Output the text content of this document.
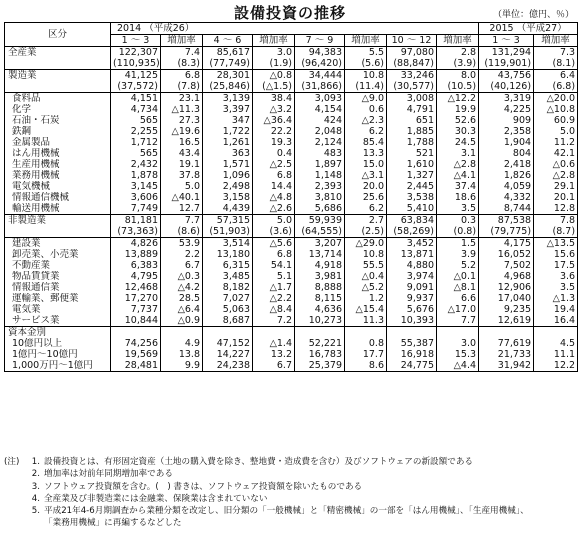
設備投資の推移	（単位：億円、％）
区分	2014 （平成26）								2015 （平成27）	
	1 〜 3	増加率	4 〜 6	増加率	7 〜 9	増加率	10 〜 12	増加率	1 〜 3	増加率
全産業	122,307	7.4	85,617	3.0	94,383	5.5	97,080	2.8	131,294	7.3
	(110,935)	(8.3)	(77,749)	(1.9)	(96,420)	(5.6)	(88,847)	(3.9)	(119,901)	(8.1)
製造業	41,125	6.8	28,301	△0.8	34,444	10.8	33,246	8.0	43,756	6.4
	(37,572)	(7.8)	(25,846)	(△1.5)	(31,866)	(11.4)	(30,577)	(10.5)	(40,126)	(6.8)
食料品	4,151	23.1	3,139	38.4	3,093	△9.0	3,008	△12.2	3,319	△20.0
化学	4,734	△11.3	3,397	△3.2	4,154	0.6	4,791	19.9	4,225	△10.8
石油・石炭	565	27.3	347	△36.4	424	△2.3	651	52.6	909	60.9
鉄鋼	2,255	△19.6	1,722	22.2	2,048	6.2	1,885	30.3	2,358	5.0
金属製品	1,712	16.5	1,261	19.3	2,124	85.4	1,788	24.5	1,904	11.2
はん用機械	565	43.4	363	0.4	483	13.3	521	3.1	804	42.1
生産用機械	2,432	19.1	1,571	△2.5	1,897	15.0	1,610	△2.8	2,418	△0.6
業務用機械	1,878	37.8	1,096	6.8	1,148	△3.1	1,327	△4.1	1,826	△2.8
電気機械	3,145	5.0	2,498	14.4	2,393	20.0	2,445	37.4	4,059	29.1
情報通信機械	3,606	△40.1	3,158	△4.8	3,810	25.6	3,538	18.6	4,332	20.1
輸送用機械	7,749	12.7	4,439	△2.6	5,686	6.2	5,410	3.5	8,744	12.8
非製造業	81,181	7.7	57,315	5.0	59,939	2.7	63,834	0.3	87,538	7.8
	(73,363)	(8.6)	(51,903)	(3.6)	(64,555)	(2.5)	(58,269)	(0.8)	(79,775)	(8.7)
建設業	4,826	53.9	3,514	△5.6	3,207	△29.0	3,452	1.5	4,175	△13.5
卸売業、小売業	13,889	2.2	13,180	6.8	13,714	10.8	13,871	3.9	16,052	15.6
不動産業	6,383	6.7	6,315	54.1	4,918	55.5	4,880	5.2	7,502	17.5
物品賃貸業	4,795	△0.3	3,485	5.1	3,981	△0.4	3,974	△0.1	4,968	3.6
情報通信業	12,468	△4.2	8,182	△1.7	8,888	△5.2	9,091	△8.1	12,906	3.5
運輸業、郵便業	17,270	28.5	7,027	△2.2	8,115	1.2	9,937	6.6	17,040	△1.3
電気業	7,737	△6.4	5,063	△8.4	4,636	△15.4	5,676	△17.0	9,235	19.4
サービス業	10,844	△0.9	8,687	7.2	10,273	11.3	10,393	7.7	12,619	16.4
資本金別										
10億円以上	74,256	4.9	47,152	△1.4	52,221	0.8	55,387	3.0	77,619	4.5
1億円〜10億円	19,569	13.8	14,227	13.2	16,783	17.7	16,918	15.3	21,733	11.1
1,000万円〜1億円	28,481	9.9	24,238	6.7	25,379	8.6	24,775	△4.4	31,942	12.2
(注)	1. 設備投資とは、有形固定資産（土地の購入費を除き、整地費・造成費を含む）及びソフトウェアの新設額である
2. 増加率は対前年同期増加率である
3. ソフトウェア投資額を含む。(　) 書きは、ソフトウェア投資額を除いたものである
4. 全産業及び非製造業には金融業、保険業は含まれていない
5. 平成21年4-6月期調査から業種分類を改定し、旧分類の「一般機械」と「精密機械」の一部を「はん用機械」、「生産用機械」、
「業務用機械」に再編するなどした
